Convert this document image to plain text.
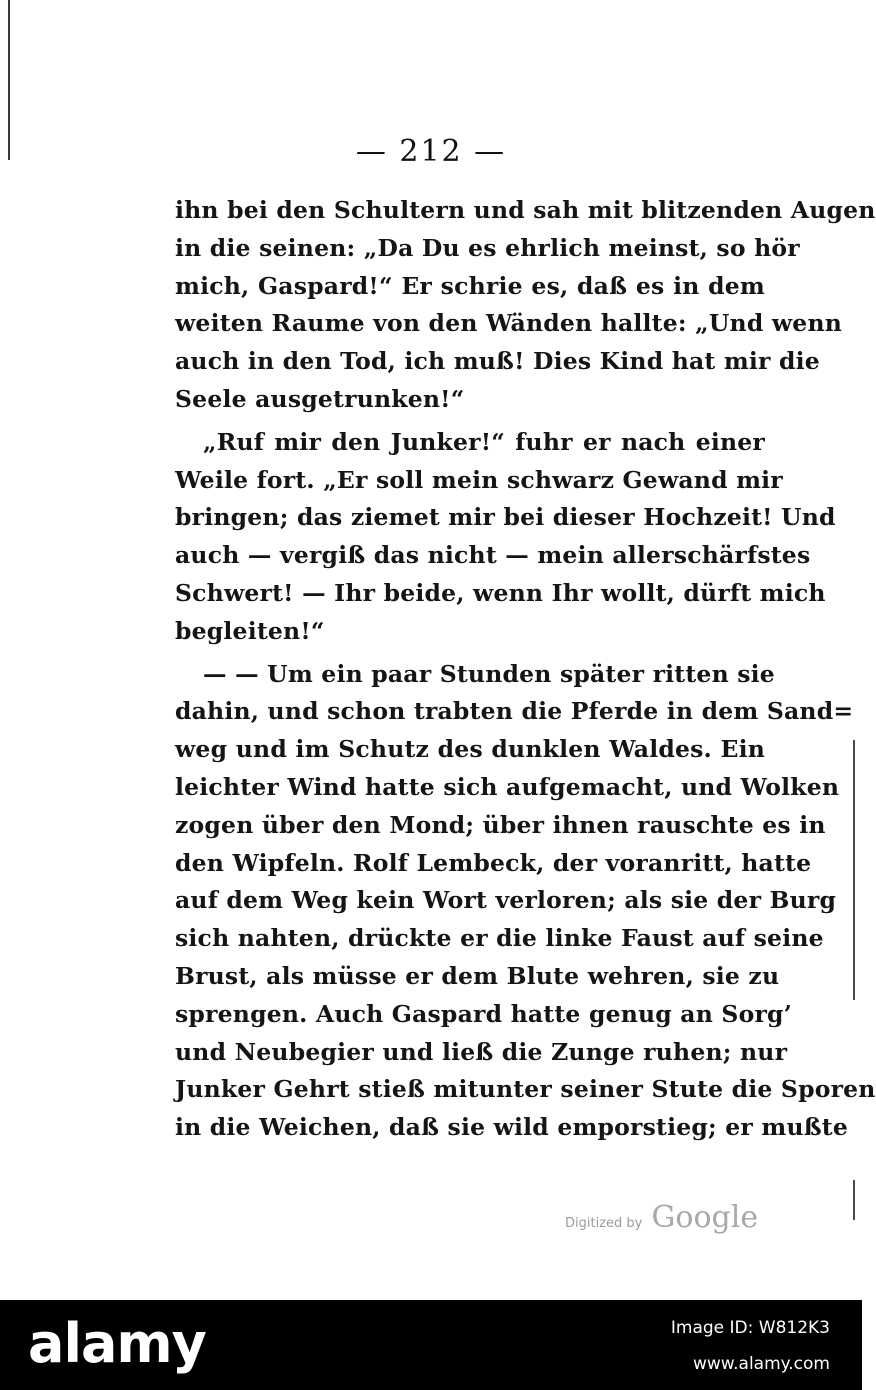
— 212 —
ihn bei den Schultern und sah mit blitzenden Augen
in die seinen: „Da Du es ehrlich meinst, so hör
mich, Gaspard!“ Er schrie es, daß es in dem
weiten Raume von den Wänden hallte: „Und wenn
auch in den Tod, ich muß! Dies Kind hat mir die
Seele ausgetrunken!“
„Ruf mir den Junker!“ fuhr er nach einer
Weile fort. „Er soll mein schwarz Gewand mir
bringen; das ziemet mir bei dieser Hochzeit! Und
auch — vergiß das nicht — mein allerschärfstes
Schwert! — Ihr beide, wenn Ihr wollt, dürft mich
begleiten!“
— — Um ein paar Stunden später ritten sie
dahin, und schon trabten die Pferde in dem Sand=
weg und im Schutz des dunklen Waldes. Ein
leichter Wind hatte sich aufgemacht, und Wolken
zogen über den Mond; über ihnen rauschte es in
den Wipfeln. Rolf Lembeck, der voranritt, hatte
auf dem Weg kein Wort verloren; als sie der Burg
sich nahten, drückte er die linke Faust auf seine
Brust, als müsse er dem Blute wehren, sie zu
sprengen. Auch Gaspard hatte genug an Sorg’
und Neubegier und ließ die Zunge ruhen; nur
Junker Gehrt stieß mitunter seiner Stute die Sporen
in die Weichen, daß sie wild emporstieg; er mußte
Digitized by Google
alamy	Image ID: W812K3
www.alamy.com
